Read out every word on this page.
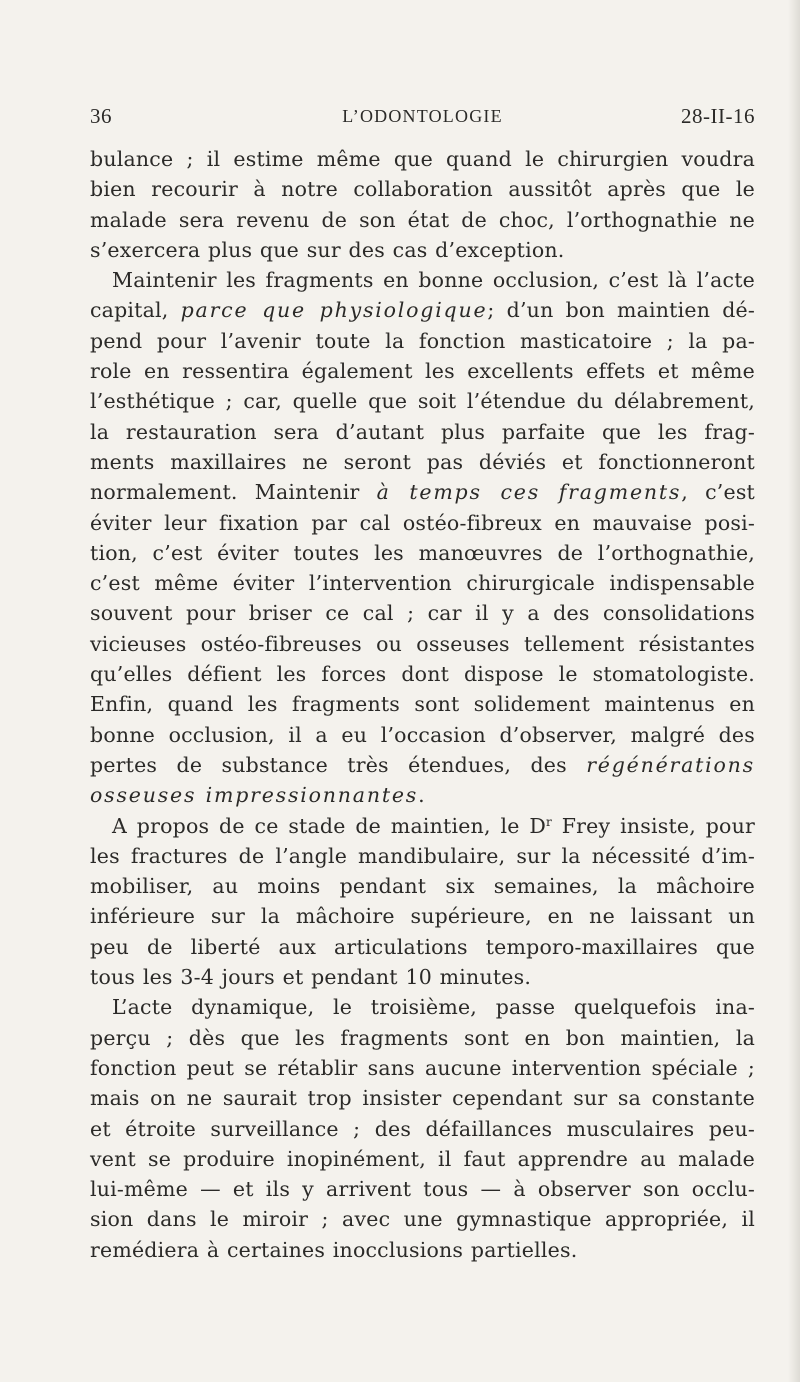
36	L’ODONTOLOGIE	28-II-16
bulance ; il estime même que quand le chirurgien voudra
bien recourir à notre collaboration aussitôt après que le
malade sera revenu de son état de choc, l’orthognathie ne
s’exercera plus que sur des cas d’exception.
Maintenir les fragments en bonne occlusion, c’est là l’acte
capital, parce que physiologique; d’un bon maintien dé-
pend pour l’avenir toute la fonction masticatoire ; la pa-
role en ressentira également les excellents effets et même
l’esthétique ; car, quelle que soit l’étendue du délabrement,
la restauration sera d’autant plus parfaite que les frag-
ments maxillaires ne seront pas déviés et fonctionneront
normalement. Maintenir à temps ces fragments, c’est
éviter leur fixation par cal ostéo-fibreux en mauvaise posi-
tion, c’est éviter toutes les manœuvres de l’orthognathie,
c’est même éviter l’intervention chirurgicale indispensable
souvent pour briser ce cal ; car il y a des consolidations
vicieuses ostéo-fibreuses ou osseuses tellement résistantes
qu’elles défient les forces dont dispose le stomatologiste.
Enfin, quand les fragments sont solidement maintenus en
bonne occlusion, il a eu l’occasion d’observer, malgré des
pertes de substance très étendues, des régénérations
osseuses impressionnantes.
A propos de ce stade de maintien, le $D^r$ Frey insiste, pour
les fractures de l’angle mandibulaire, sur la nécessité d’im-
mobiliser, au moins pendant six semaines, la mâchoire
inférieure sur la mâchoire supérieure, en ne laissant un
peu de liberté aux articulations temporo-maxillaires que
tous les 3-4 jours et pendant 10 minutes.
L’acte dynamique, le troisième, passe quelquefois ina-
perçu ; dès que les fragments sont en bon maintien, la
fonction peut se rétablir sans aucune intervention spéciale ;
mais on ne saurait trop insister cependant sur sa constante
et étroite surveillance ; des défaillances musculaires peu-
vent se produire inopinément, il faut apprendre au malade
lui-même — et ils y arrivent tous — à observer son occlu-
sion dans le miroir ; avec une gymnastique appropriée, il
remédiera à certaines inocclusions partielles.
